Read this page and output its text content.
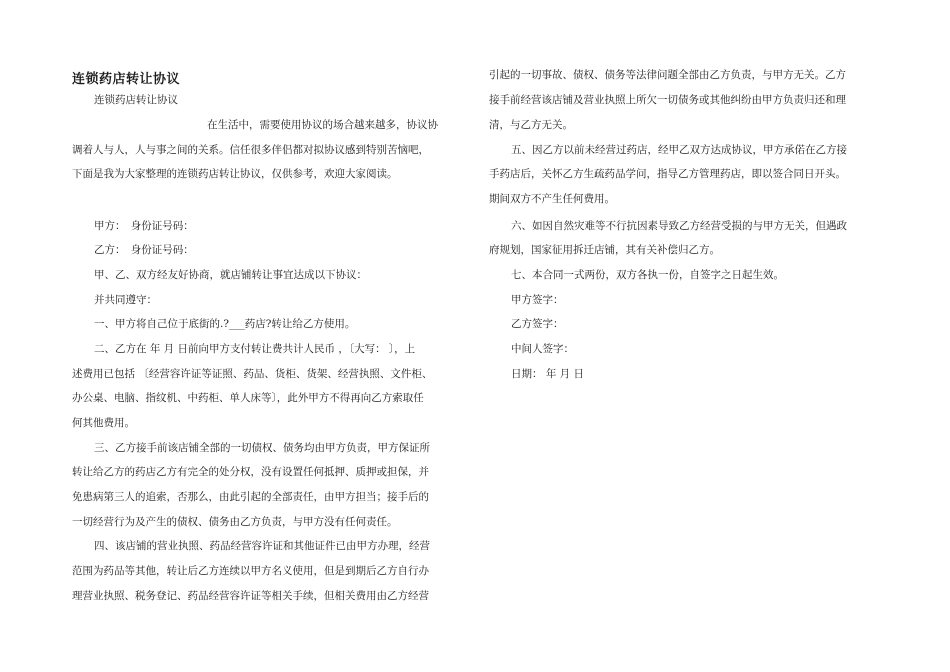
连锁药店转让协议
连锁药店转让协议
在生活中，需要使用协议的场合越来越多，协议协
调着人与人，人与事之间的关系。信任很多伴侣都对拟协议感到特别苦恼吧，
下面是我为大家整理的连锁药店转让协议，仅供参考，欢迎大家阅读。
甲方：　身份证号码：
乙方：　身份证号码：
甲、乙、双方经友好协商，就店铺转让事宜达成以下协议：
并共同遵守：
一、甲方将自己位于底街的.?___药店?转让给乙方使用。
二、乙方在 年 月 日前向甲方支付转让费共计人民币 ，〔大写： 〕，上
述费用已包括 〔经营容许证等证照、药品、货柜、货架、经营执照、文件柜、
办公桌、电脑、指纹机、中药柜、单人床等〕，此外甲方不得再向乙方索取任
何其他费用。
三、乙方接手前该店铺全部的一切债权、债务均由甲方负责，甲方保证所
转让给乙方的药店乙方有完全的处分权，没有设置任何抵押、质押或担保，并
免患病第三人的追索，否那么，由此引起的全部责任，由甲方担当；接手后的
一切经营行为及产生的债权、债务由乙方负责，与甲方没有任何责任。
四、该店铺的营业执照、药品经营容许证和其他证件已由甲方办理，经营
范围为药品等其他，转让后乙方连续以甲方名义使用，但是到期后乙方自行办
理营业执照、税务登记、药品经营容许证等相关手续，但相关费用由乙方经营
引起的一切事故、债权、债务等法律问题全部由乙方负责，与甲方无关。乙方
接手前经营该店铺及营业执照上所欠一切债务或其他纠纷由甲方负责归还和理
清，与乙方无关。
五、因乙方以前未经营过药店，经甲乙双方达成协议，甲方承偌在乙方接
手药店后，关怀乙方生疏药品学问，指导乙方管理药店，即以签合同日开头。
期间双方不产生任何费用。
六、如因自然灾难等不行抗因素导致乙方经营受损的与甲方无关，但遇政
府规划，国家征用拆迁店铺，其有关补偿归乙方。
七、本合同一式两份，双方各执一份，自签字之日起生效。
甲方签字：
乙方签字：
中间人签字：
日期： 年 月 日
